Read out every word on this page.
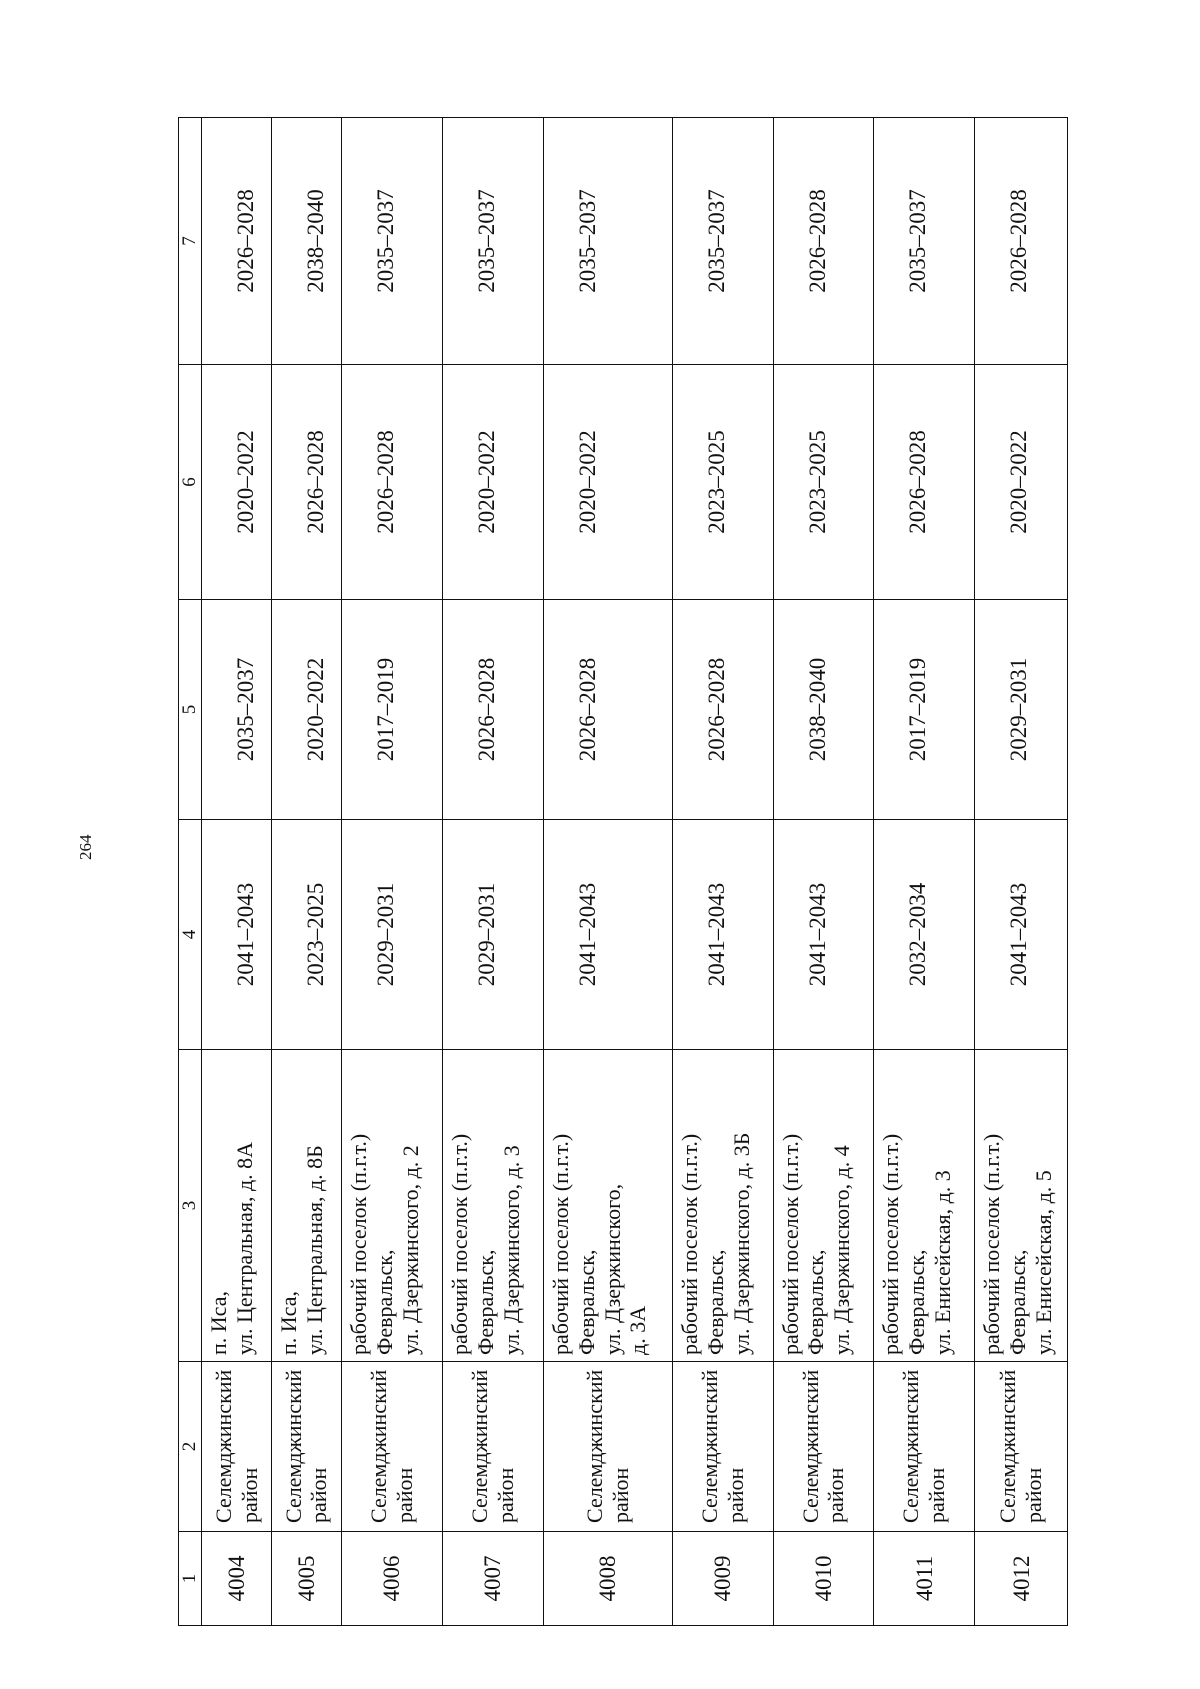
264
1	2	3	4	5	6	7
4004	Селемджинский район	п. Иса, ул. Центральная, д. 8А	2041–2043	2035–2037	2020–2022	2026–2028
4005	Селемджинский район	п. Иса, ул. Центральная, д. 8Б	2023–2025	2020–2022	2026–2028	2038–2040
4006	Селемджинский район	рабочий поселок (п.г.т.) Февральск, ул. Дзержинского, д. 2	2029–2031	2017–2019	2026–2028	2035–2037
4007	Селемджинский район	рабочий поселок (п.г.т.) Февральск, ул. Дзержинского, д. 3	2029–2031	2026–2028	2020–2022	2035–2037
4008	Селемджинский район	рабочий поселок (п.г.т.) Февральск, ул. Дзержинского, д. 3А	2041–2043	2026–2028	2020–2022	2035–2037
4009	Селемджинский район	рабочий поселок (п.г.т.) Февральск, ул. Дзержинского, д. 3Б	2041–2043	2026–2028	2023–2025	2035–2037
4010	Селемджинский район	рабочий поселок (п.г.т.) Февральск, ул. Дзержинского, д. 4	2041–2043	2038–2040	2023–2025	2026–2028
4011	Селемджинский район	рабочий поселок (п.г.т.) Февральск, ул. Енисейская, д. 3	2032–2034	2017–2019	2026–2028	2035–2037
4012	Селемджинский район	рабочий поселок (п.г.т.) Февральск, ул. Енисейская, д. 5	2041–2043	2029–2031	2020–2022	2026–2028
